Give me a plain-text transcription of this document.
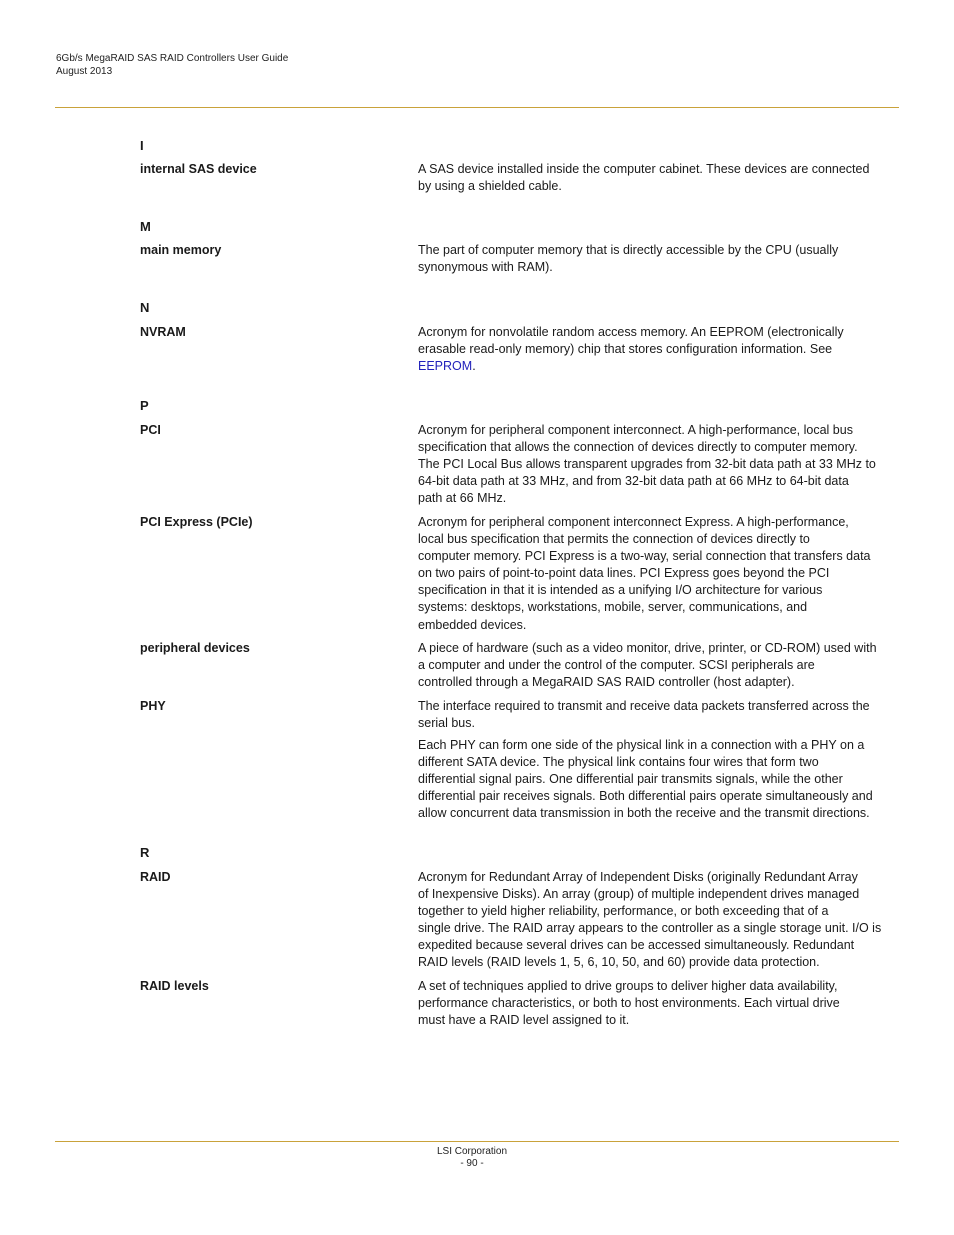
6Gb/s MegaRAID SAS RAID Controllers User Guide
August 2013
I
internal SAS device	A SAS device installed inside the computer cabinet. These devices are connected
by using a shielded cable.
M
main memory	The part of computer memory that is directly accessible by the CPU (usually
synonymous with RAM).
N
NVRAM	Acronym for nonvolatile random access memory. An EEPROM (electronically
erasable read-only memory) chip that stores configuration information. See
EEPROM.
P
PCI	Acronym for peripheral component interconnect. A high-performance, local bus
specification that allows the connection of devices directly to computer memory.
The PCI Local Bus allows transparent upgrades from 32-bit data path at 33 MHz to
64-bit data path at 33 MHz, and from 32-bit data path at 66 MHz to 64-bit data
path at 66 MHz.
PCI Express (PCIe)	Acronym for peripheral component interconnect Express. A high-performance,
local bus specification that permits the connection of devices directly to
computer memory. PCI Express is a two-way, serial connection that transfers data
on two pairs of point-to-point data lines. PCI Express goes beyond the PCI
specification in that it is intended as a unifying I/O architecture for various
systems: desktops, workstations, mobile, server, communications, and
embedded devices.
peripheral devices	A piece of hardware (such as a video monitor, drive, printer, or CD-ROM) used with
a computer and under the control of the computer. SCSI peripherals are
controlled through a MegaRAID SAS RAID controller (host adapter).
PHY	The interface required to transmit and receive data packets transferred across the
serial bus.
Each PHY can form one side of the physical link in a connection with a PHY on a
different SATA device. The physical link contains four wires that form two
differential signal pairs. One differential pair transmits signals, while the other
differential pair receives signals. Both differential pairs operate simultaneously and
allow concurrent data transmission in both the receive and the transmit directions.
R
RAID	Acronym for Redundant Array of Independent Disks (originally Redundant Array
of Inexpensive Disks). An array (group) of multiple independent drives managed
together to yield higher reliability, performance, or both exceeding that of a
single drive. The RAID array appears to the controller as a single storage unit. I/O is
expedited because several drives can be accessed simultaneously. Redundant
RAID levels (RAID levels 1, 5, 6, 10, 50, and 60) provide data protection.
RAID levels	A set of techniques applied to drive groups to deliver higher data availability,
performance characteristics, or both to host environments. Each virtual drive
must have a RAID level assigned to it.
LSI Corporation
- 90 -
